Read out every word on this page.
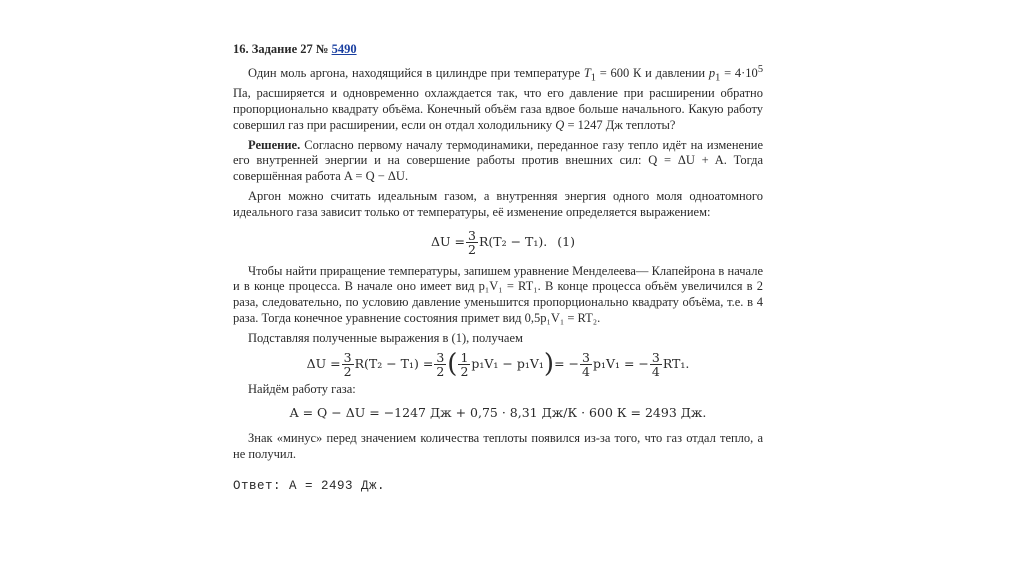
16. Задание 27 № 5490

Один моль аргона, находящийся в цилиндре при температуре $T_1 = 600$ К и давлении $p_1 = 4\cdot 10^5$ Па, расширяется и одновременно охлаждается так, что его давление при расширении обратно пропорционально квадрату объёма. Конечный объём газа вдвое больше начального. Какую работу совершил газ при расширении, если он отдал холодильнику Q = 1247 Дж теплоты?

Решение. Согласно первому началу термодинамики, переданное газу тепло идёт на изменение его внутренней энергии и на совершение работы против внешних сил: Q = ΔU + A. Тогда совершённая работа A = Q − ΔU.

Аргон можно считать идеальным газом, а внутренняя энергия одного моля одноатомного идеального газа зависит только от температуры, её изменение определяется выражением:

$\Delta U = \frac{3}{2} R(T_2 - T_1)$. (1)

Чтобы найти приращение температуры, запишем уравнение Менделеева— Клапейрона в начале и в конце процесса. В начале оно имеет вид p₁V₁ = RT₁. В конце процесса объём увеличился в 2 раза, следовательно, по условию давление уменьшится пропорционально квадрату объёма, т.е. в 4 раза. Тогда конечное уравнение состояния примет вид 0,5p₁V₁ = RT₂.

Подставляя полученные выражения в (1), получаем

$\Delta U = \frac{3}{2} R(T_2 - T_1) = \frac{3}{2}$ ( $\frac{1}{2} p_1V_1 - p_1V_1$ ) = − $\frac{3}{4} p_1V_1$ = − $\frac{3}{4} RT_1$.

Найдём работу газа:

A = Q − ΔU = −1247 Дж + 0,75 · 8,31 Дж/К · 600 К = 2493 Дж.

Знак «минус» перед значением количества теплоты появился из-за того, что газ отдал тепло, а не получил.

Ответ: A = 2493 Дж.
